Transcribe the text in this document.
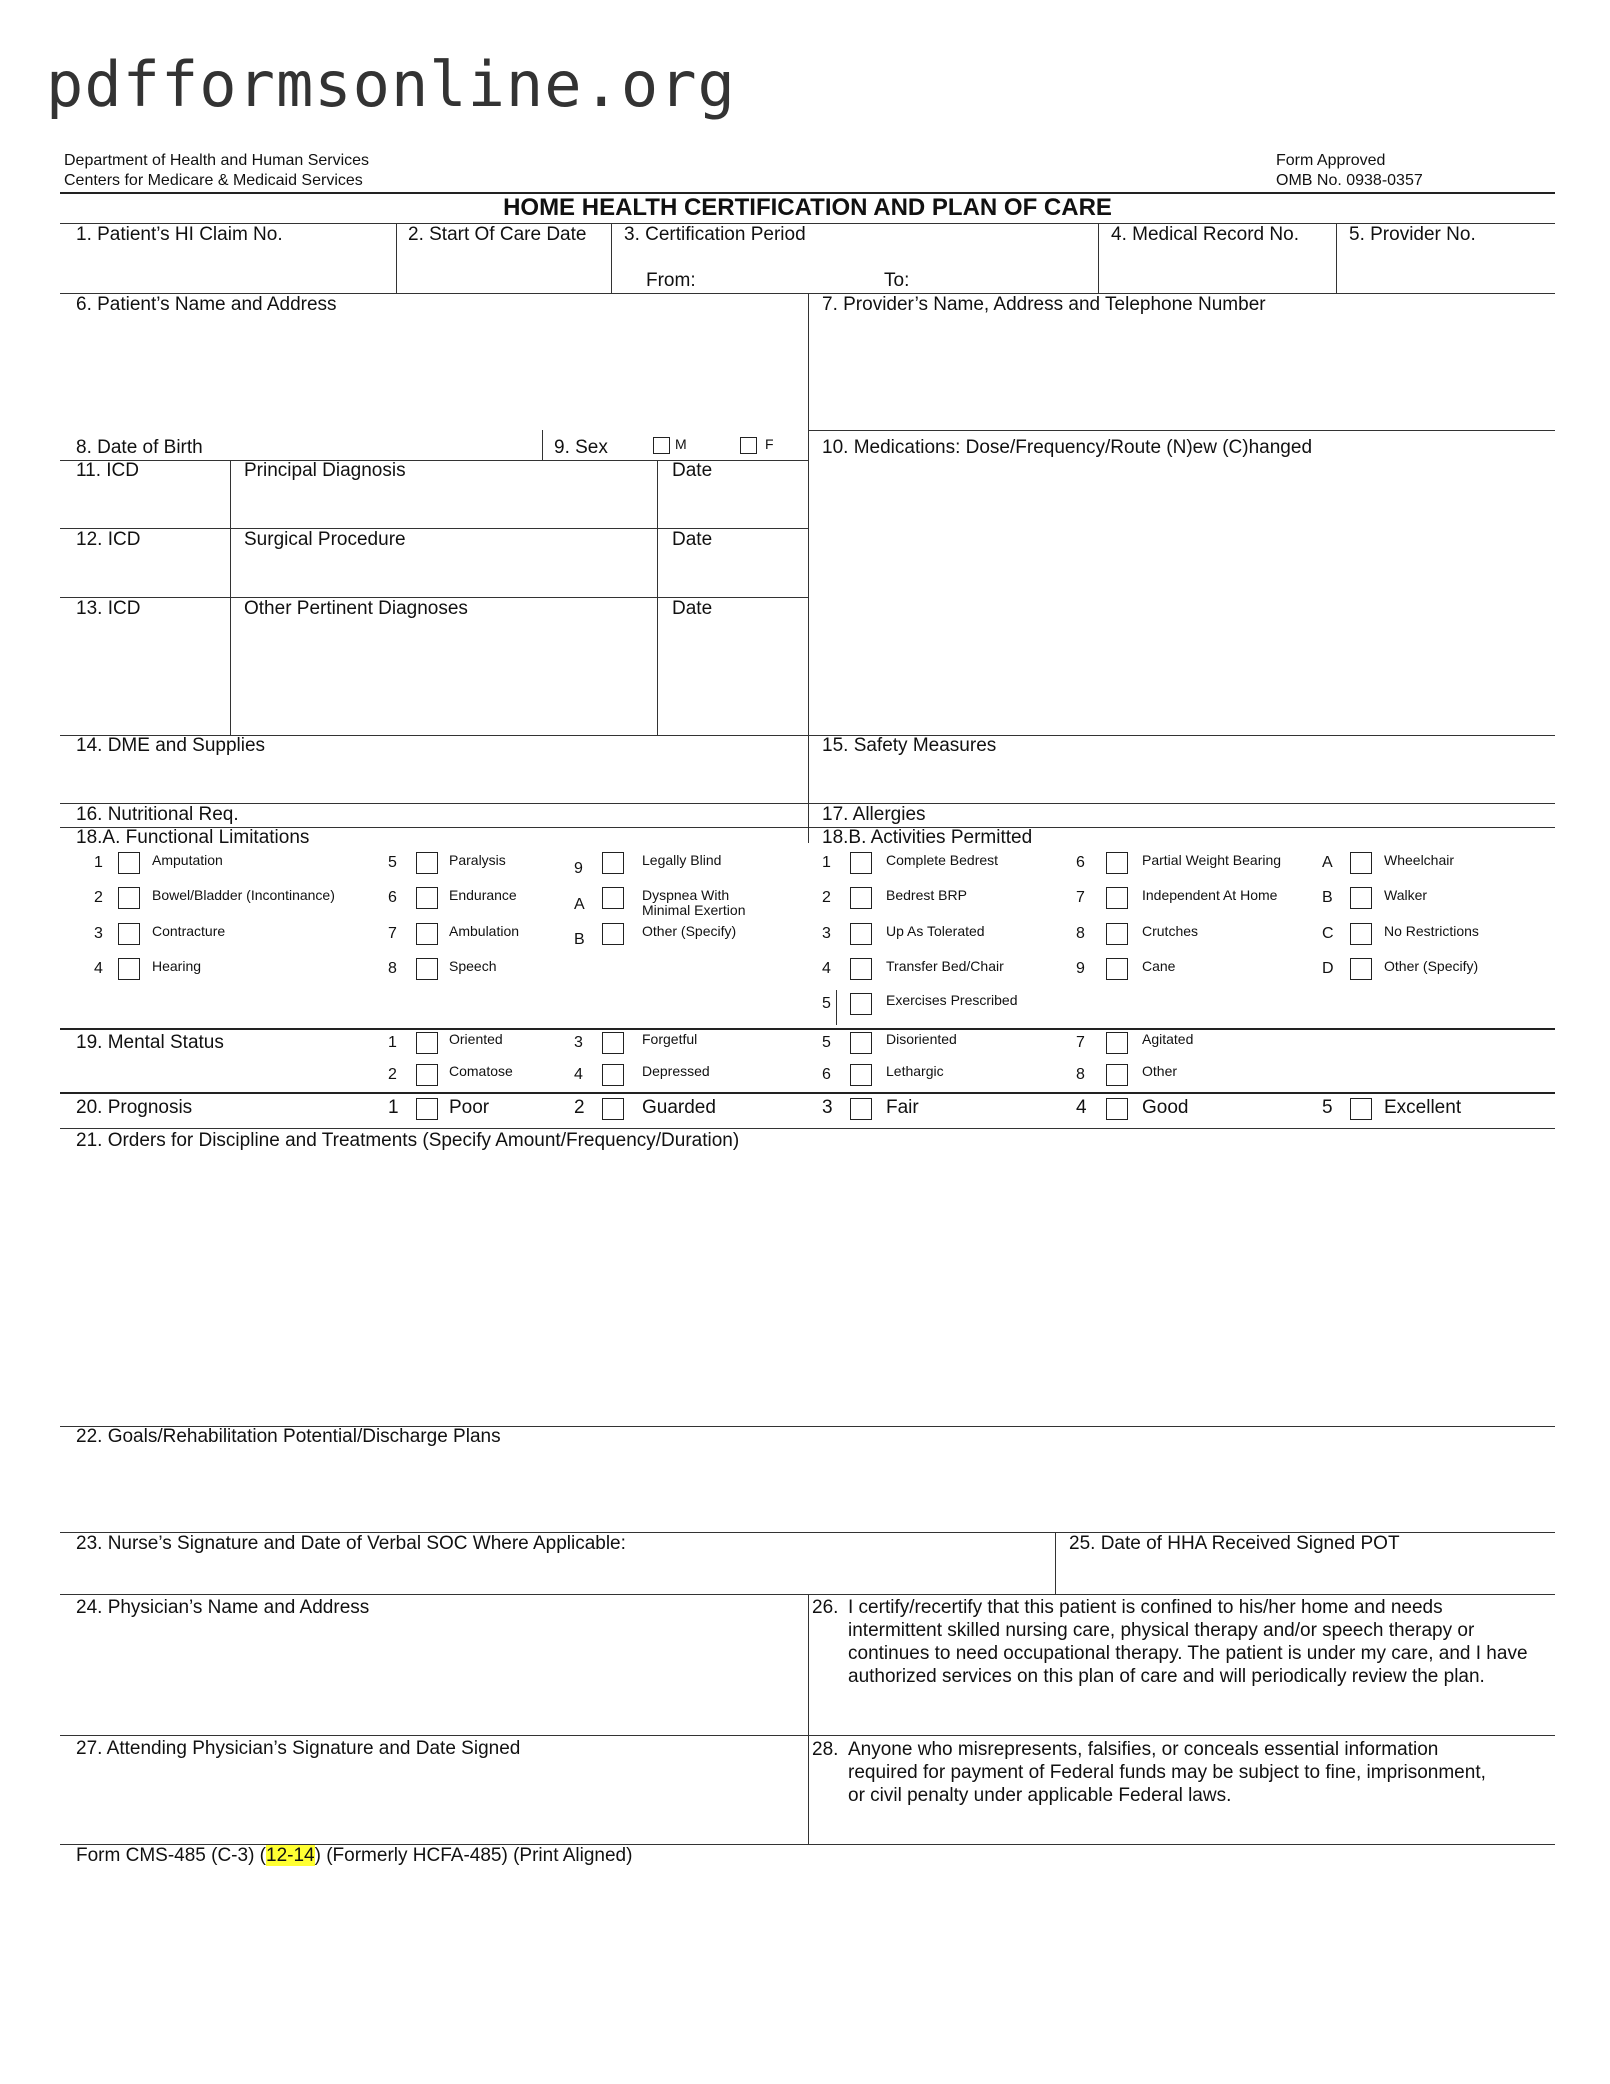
pdfformsonline.org
Department of Health and Human Services
Centers for Medicare & Medicaid Services
Form Approved
OMB No. 0938-0357
HOME HEALTH CERTIFICATION AND PLAN OF CARE
1. Patient’s HI Claim No.	2. Start Of Care Date 3. Certification Period
From:	To:
4. Medical Record No.	5. Provider No.
6. Patient’s Name and Address	7. Provider’s Name, Address and Telephone Number
8. Date of Birth	9. Sex	M	F	10. Medications: Dose/Frequency/Route (N)ew (C)hanged
11. ICD	Principal Diagnosis	Date
12. ICD	Surgical Procedure	Date
13. ICD	Other Pertinent Diagnoses	Date
14. DME and Supplies	15. Safety Measures
16. Nutritional Req.	17. Allergies
18.A. Functional Limitations
1	Amputation
2	Bowel/Bladder (Incontinance)
3	Contracture
4	Hearing
5	Paralysis
6	Endurance
7	Ambulation
8	Speech
9	Legally Blind
A
Dyspnea With Minimal Exertion
B	Other (Specify)
18.B. Activities Permitted
1	Complete Bedrest
2	Bedrest BRP
3	Up As Tolerated
4	Transfer Bed/Chair
5	Exercises Prescribed
6	Partial Weight Bearing
7	Independent At Home
8	Crutches
9	Cane
A	Wheelchair
B	Walker
C	No Restrictions
D	Other (Specify)
19. Mental Status	1	Oriented
2	Comatose
3	Forgetful
4	Depressed
5	Disoriented
6	Lethargic
7	Agitated
8	Other
20. Prognosis	1	Poor	2	Guarded	3	Fair	4	Good	5	Excellent
21. Orders for Discipline and Treatments (Specify Amount/Frequency/Duration)
22. Goals/Rehabilitation Potential/Discharge Plans
23. Nurse’s Signature and Date of Verbal SOC Where Applicable:	25. Date of HHA Received Signed POT
24. Physician’s Name and Address	26. I certify/recertify that this patient is confined to his/her home and needs
intermittent skilled nursing care, physical therapy and/or speech therapy or
continues to need occupational therapy. The patient is under my care, and I have
authorized services on this plan of care and will periodically review the plan.
27. Attending Physician’s Signature and Date Signed	28. Anyone who misrepresents, falsifies, or conceals essential information
required for payment of Federal funds may be subject to fine, imprisonment,
or civil penalty under applicable Federal laws.
Form CMS-485 (C-3) (12-14) (Formerly HCFA-485) (Print Aligned)
